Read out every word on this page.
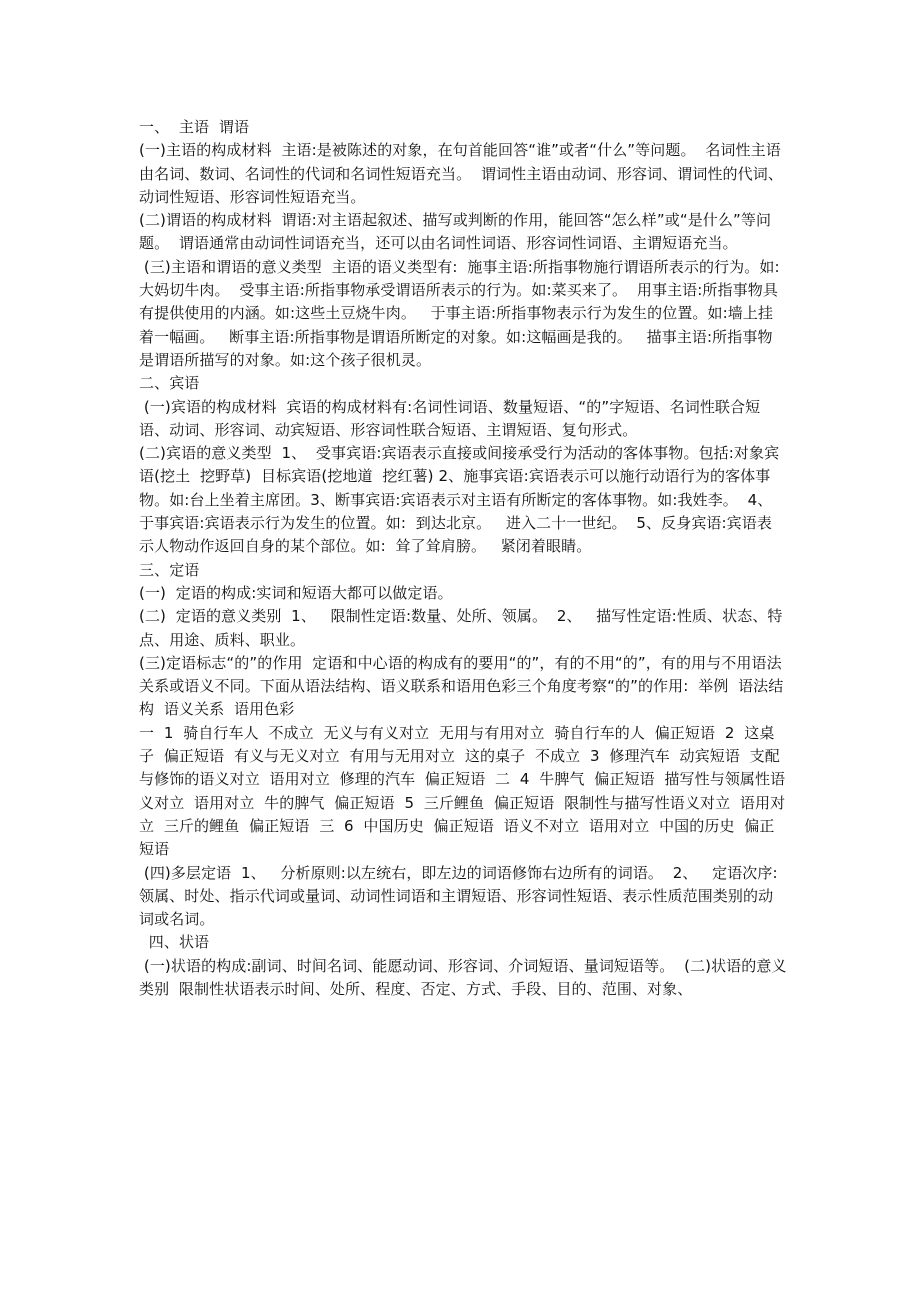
一、  主语  谓语

(一)主语的构成材料  主语:是被陈述的对象，在句首能回答“谁”或者“什么”等问题。  名词性主语由名词、数词、名词性的代词和名词性短语充当。  谓词性主语由动词、形容词、谓词性的代词、动词性短语、形容词性短语充当。

(二)谓语的构成材料  谓语:对主语起叙述、描写或判断的作用，能回答“怎么样”或“是什么”等问题。  谓语通常由动词性词语充当，还可以由名词性词语、形容词性词语、主谓短语充当。

(三)主语和谓语的意义类型  主语的语义类型有:  施事主语:所指事物施行谓语所表示的行为。如:大妈切牛肉。  受事主语:所指事物承受谓语所表示的行为。如:菜买来了。  用事主语:所指事物具有提供使用的内涵。如:这些土豆烧牛肉。   于事主语:所指事物表示行为发生的位置。如:墙上挂着一幅画。   断事主语:所指事物是谓语所断定的对象。如:这幅画是我的。   描事主语:所指事物是谓语所描写的对象。如:这个孩子很机灵。

二、宾语

(一)宾语的构成材料  宾语的构成材料有:名词性词语、数量短语、“的”字短语、名词性联合短语、动词、形容词、动宾短语、形容词性联合短语、主谓短语、复句形式。

(二)宾语的意义类型  1、  受事宾语:宾语表示直接或间接承受行为活动的客体事物。包括:对象宾语(挖土  挖野草)  目标宾语(挖地道  挖红薯) 2、施事宾语:宾语表示可以施行动语行为的客体事物。如:台上坐着主席团。3、断事宾语:宾语表示对主语有所断定的客体事物。如:我姓李。  4、于事宾语:宾语表示行为发生的位置。如:  到达北京。   进入二十一世纪。  5、反身宾语:宾语表示人物动作返回自身的某个部位。如:  耸了耸肩膀。   紧闭着眼睛。

三、定语

(一)  定语的构成:实词和短语大都可以做定语。

(二)  定语的意义类别  1、   限制性定语:数量、处所、领属。  2、   描写性定语:性质、状态、特点、用途、质料、职业。

(三)定语标志“的”的作用  定语和中心语的构成有的要用“的”，有的不用“的”，有的用与不用语法关系或语义不同。下面从语法结构、语义联系和语用色彩三个角度考察“的”的作用:  举例  语法结构  语义关系  语用色彩

一  1  骑自行车人  不成立  无义与有义对立  无用与有用对立  骑自行车的人  偏正短语  2  这桌子  偏正短语  有义与无义对立  有用与无用对立  这的桌子  不成立  3  修理汽车  动宾短语  支配与修饰的语义对立  语用对立  修理的汽车  偏正短语  二  4  牛脾气  偏正短语  描写性与领属性语义对立  语用对立  牛的脾气  偏正短语  5  三斤鲤鱼  偏正短语  限制性与描写性语义对立  语用对立  三斤的鲤鱼  偏正短语  三  6  中国历史  偏正短语  语义不对立  语用对立  中国的历史  偏正短语

(四)多层定语  1、   分析原则:以左统右，即左边的词语修饰右边所有的词语。  2、   定语次序:领属、时处、指示代词或量词、动词性词语和主谓短语、形容词性短语、表示性质范围类别的动词或名词。

四、状语

(一)状语的构成:副词、时间名词、能愿动词、形容词、介词短语、量词短语等。  (二)状语的意义类别  限制性状语表示时间、处所、程度、否定、方式、手段、目的、范围、对象、
